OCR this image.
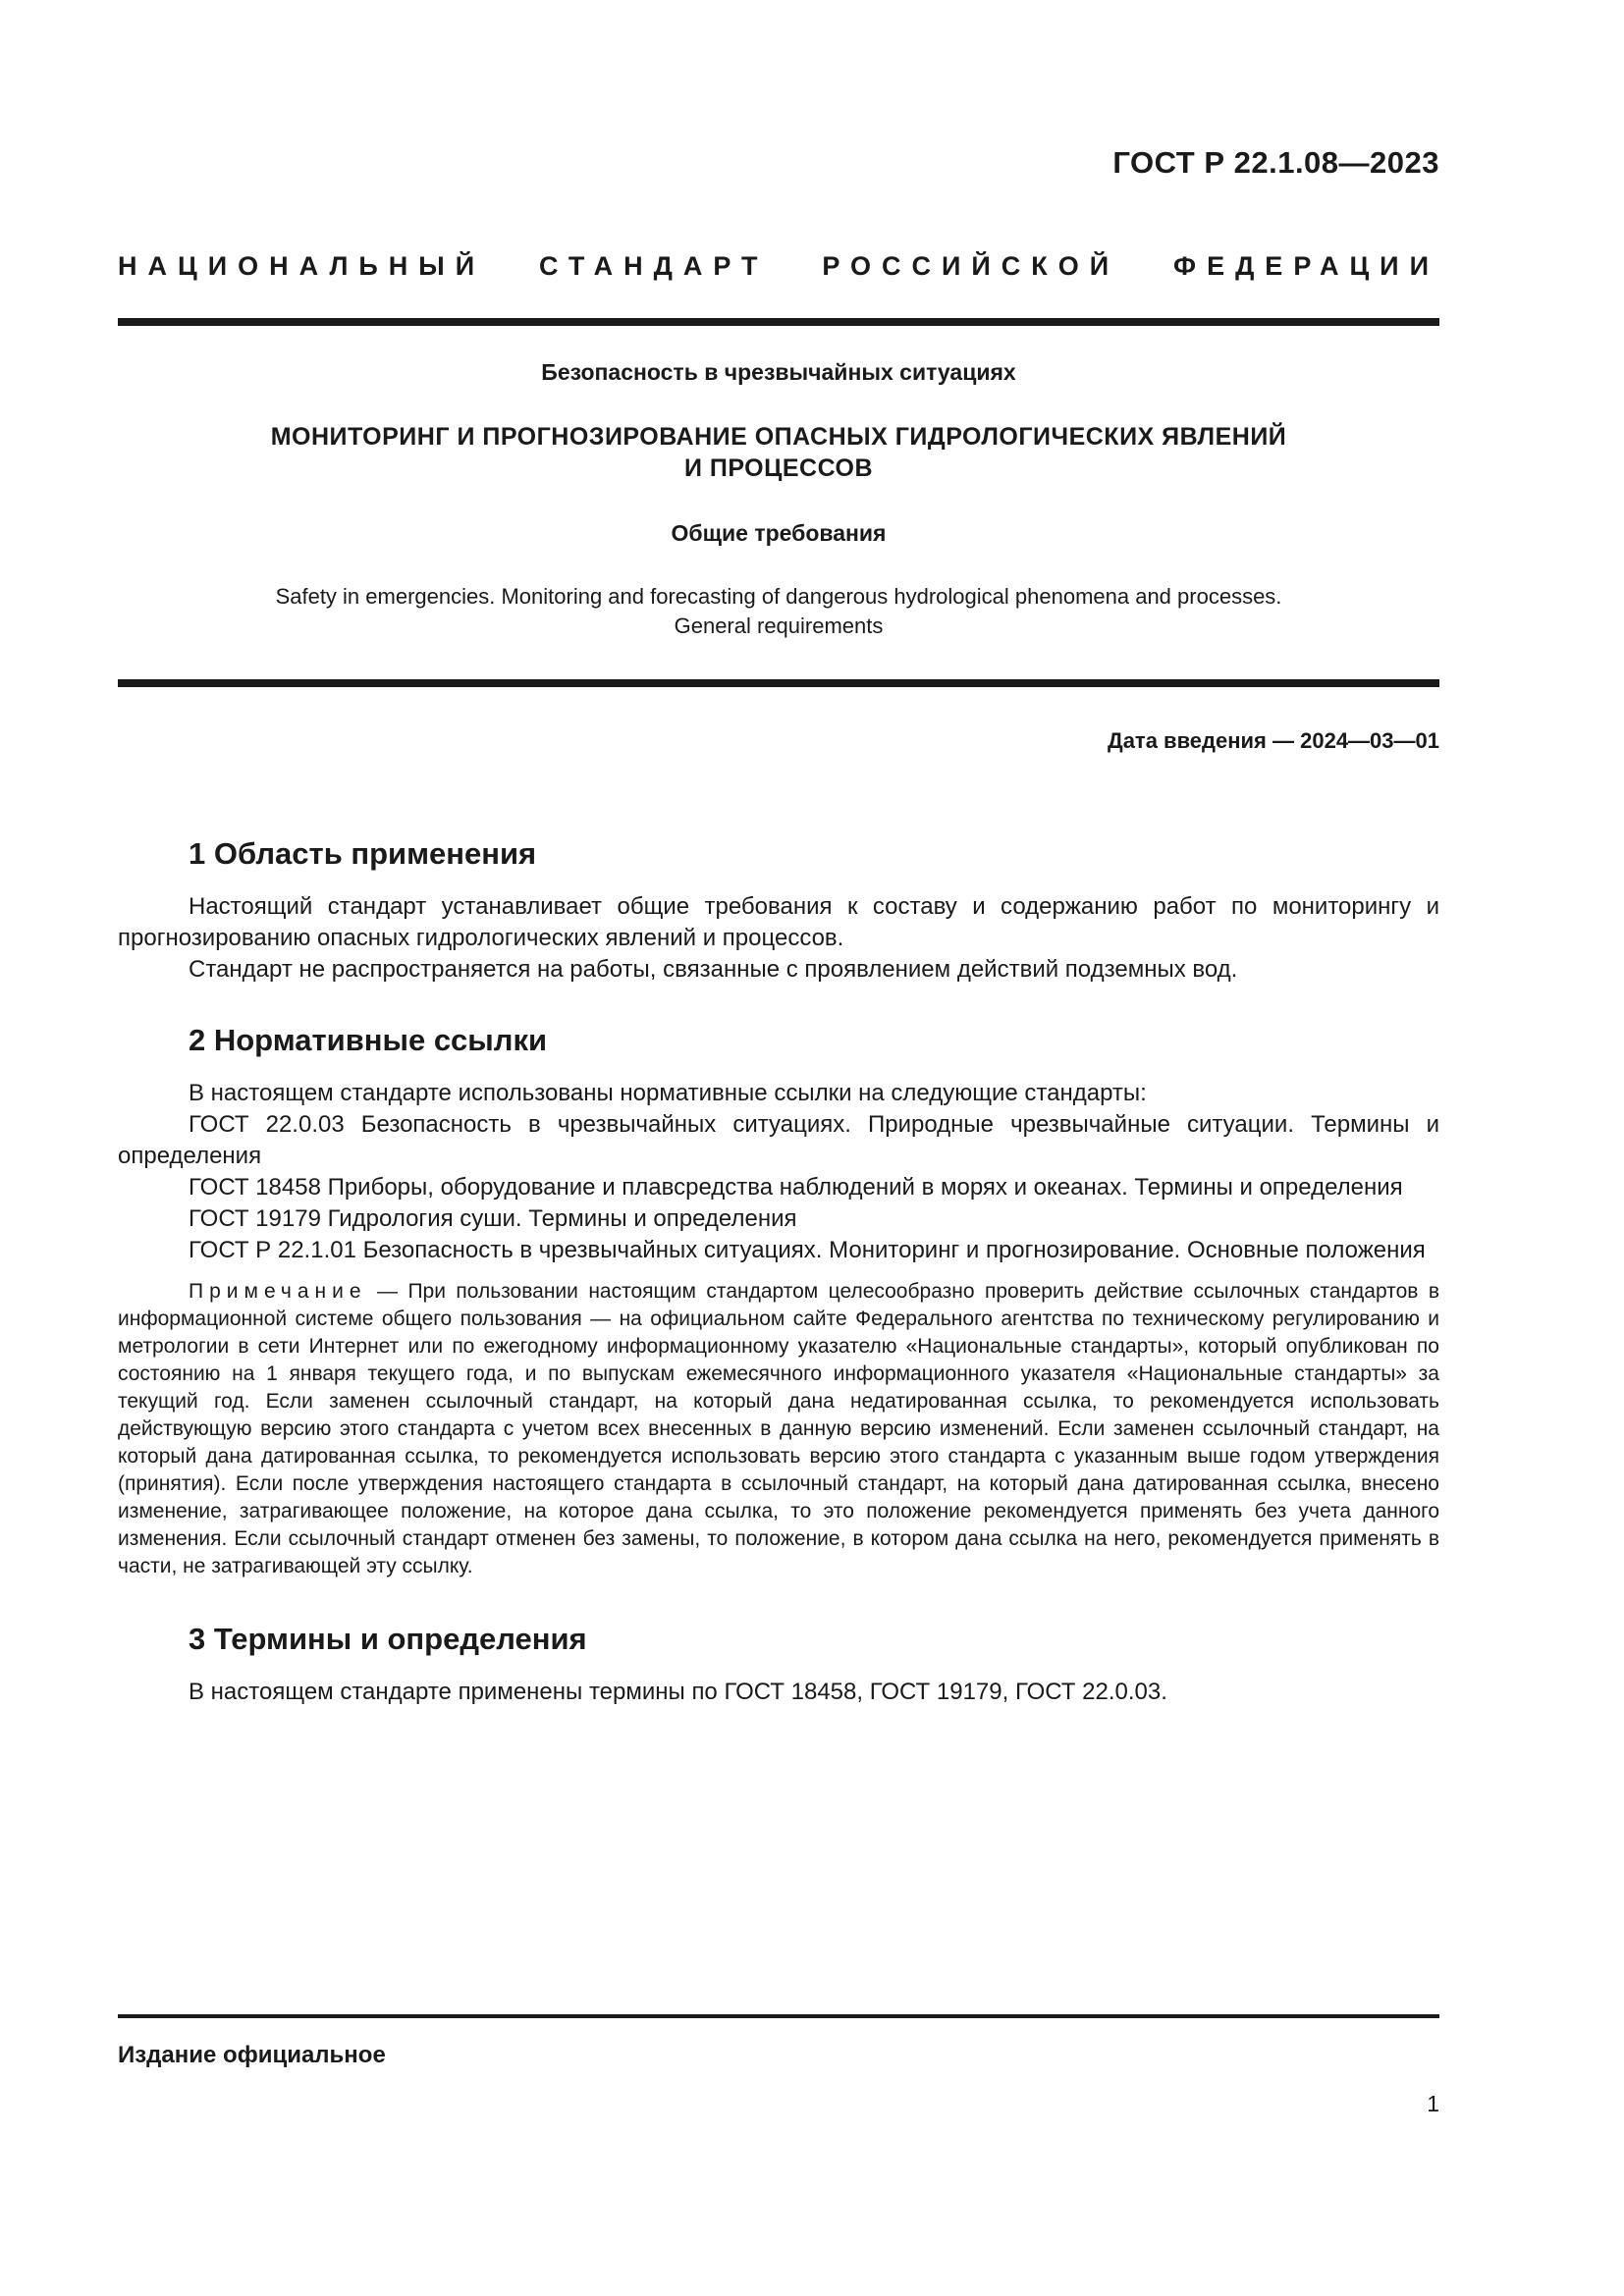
ГОСТ Р 22.1.08—2023
НАЦИОНАЛЬНЫЙ СТАНДАРТ РОССИЙСКОЙ ФЕДЕРАЦИИ
Безопасность в чрезвычайных ситуациях
МОНИТОРИНГ И ПРОГНОЗИРОВАНИЕ ОПАСНЫХ ГИДРОЛОГИЧЕСКИХ ЯВЛЕНИЙ
И ПРОЦЕССОВ
Общие требования
Safety in emergencies. Monitoring and forecasting of dangerous hydrological phenomena and processes.
General requirements
Дата введения — 2024—03—01
1 Область применения

Настоящий стандарт устанавливает общие требования к составу и содержанию работ по мониторингу и прогнозированию опасных гидрологических явлений и процессов.

Стандарт не распространяется на работы, связанные с проявлением действий подземных вод.

2 Нормативные ссылки

В настоящем стандарте использованы нормативные ссылки на следующие стандарты:

ГОСТ 22.0.03 Безопасность в чрезвычайных ситуациях. Природные чрезвычайные ситуации. Термины и определения

ГОСТ 18458 Приборы, оборудование и плавсредства наблюдений в морях и океанах. Термины и определения

ГОСТ 19179 Гидрология суши. Термины и определения

ГОСТ Р 22.1.01 Безопасность в чрезвычайных ситуациях. Мониторинг и прогнозирование. Основные положения

Примечание — При пользовании настоящим стандартом целесообразно проверить действие ссылочных стандартов в информационной системе общего пользования — на официальном сайте Федерального агентства по техническому регулированию и метрологии в сети Интернет или по ежегодному информационному указателю «Национальные стандарты», который опубликован по состоянию на 1 января текущего года, и по выпускам ежемесячного информационного указателя «Национальные стандарты» за текущий год. Если заменен ссылочный стандарт, на который дана недатированная ссылка, то рекомендуется использовать действующую версию этого стандарта с учетом всех внесенных в данную версию изменений. Если заменен ссылочный стандарт, на который дана датированная ссылка, то рекомендуется использовать версию этого стандарта с указанным выше годом утверждения (принятия). Если после утверждения настоящего стандарта в ссылочный стандарт, на который дана датированная ссылка, внесено изменение, затрагивающее положение, на которое дана ссылка, то это положение рекомендуется применять без учета данного изменения. Если ссылочный стандарт отменен без замены, то положение, в котором дана ссылка на него, рекомендуется применять в части, не затрагивающей эту ссылку.

3 Термины и определения

В настоящем стандарте применены термины по ГОСТ 18458, ГОСТ 19179, ГОСТ 22.0.03.

Издание официальное
1
